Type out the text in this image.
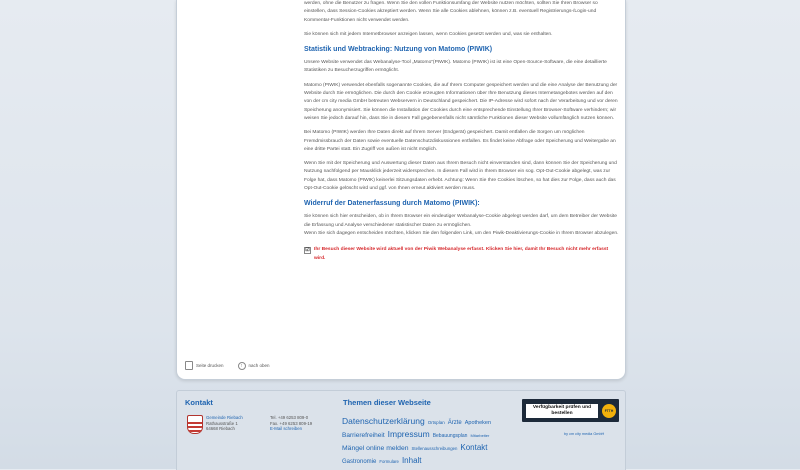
werden, ohne die Benutzer zu fragen. Wenn Sie den vollen Funktionsumfang der Website nutzen möchten, sollten Sie Ihren Browser so einstellen, dass Session-Cookies akzeptiert werden. Wenn Sie alle Cookies ablehnen, können z.B. eventuell Registrierungs-/Login-und Kommentar-Funktionen nicht verwendet werden.

Sie können sich mit jedem Internetbrowser anzeigen lassen, wenn Cookies gesetzt werden und, was sie enthalten.

Statistik und Webtracking: Nutzung von Matomo (PIWIK)

Unsere Website verwendet das Webanalyse-Tool „Matomo“(PIWIK). Matomo (PIWIK) ist ist eine Open-Source-Software, die eine detaillierte Statistiken zu Besucherzugriffen ermöglicht.

Matomo (PIWIK) verwendet ebenfalls sogenannte Cookies, die auf Ihrem Computer gespeichert werden und die eine Analyse der Benutzung der Website durch Sie ermöglichen. Die durch den Cookie erzeugten Informationen über Ihre Benutzung dieses Internetangebotes werden auf den von der cm city media GmbH betreuten Webservern in Deutschland gespeichert. Die IP-Adresse wird sofort nach der Verarbeitung und vor deren Speicherung anonymisiert. Sie können die Installation der Cookies durch eine entsprechende Einstellung Ihrer Browser-Software verhindern; wir weisen Sie jedoch darauf hin, dass Sie in diesem Fall gegebenenfalls nicht sämtliche Funktionen dieser Website vollumfänglich nutzen können.

Bei Matomo (PIWIK) werden Ihre Daten direkt auf Ihrem Server (Endgerät) gespeichert. Damit entfallen die Sorgen um möglichen Fremdmissbrauch der Daten sowie eventuelle Datenschutzdiskussionen entfallen. Es findet keine Abfrage oder Speicherung und Weitergabe an eine dritte Partei statt. Ein Zugriff von außen ist nicht möglich.

Wenn Sie mit der Speicherung und Auswertung dieser Daten aus Ihrem Besuch nicht einverstanden sind, dann können Sie der Speicherung und Nutzung nachfolgend per Mausklick jederzeit widersprechen. In diesem Fall wird in Ihrem Browser ein sog. Opt-Out-Cookie abgelegt, was zur Folge hat, dass Matomo (PIWIK) keinerlei Sitzungsdaten erhebt. Achtung: Wenn Sie Ihre Cookies löschen, so hat dies zur Folge, dass auch das Opt-Out-Cookie gelöscht wird und ggf. von Ihnen erneut aktiviert werden muss.

Widerruf der Datenerfassung durch Matomo (PIWIK):

Sie können sich hier entscheiden, ob in Ihrem Browser ein eindeutiger Webanalyse-Cookie abgelegt werden darf, um dem Betreiber der Website die Erfassung und Analyse verschiedener statistischer Daten zu ermöglichen.

Wenn Sie sich dagegen entscheiden möchten, klicken Sie den folgenden Link, um den Piwik-Deaktivierungs-Cookie in Ihrem Browser abzulegen.

☑ Ihr Besuch dieser Website wird aktuell von der Piwik Webanalyse erfasst. Klicken Sie hier, damit Ihr Besuch nicht mehr erfasst wird.
Seite drucken	↑	nach oben
Kontakt
Gemeinde Riebach
Rathausstraße 1
64668 Riebach
Tel. +49 6253 809-0
Fax. +49 6253 809-19
E-Mail schreiben
Themen dieser Webseite
Datenschutzerklärung Ortsplan Ärzte ApothekenBarrierefreiheit Impressum Bebauungsplan MitarbeiterMängel online melden Stellenausschreibungen KontaktGastronomie Formulare Inhalt
Verfügbarkeit prüfen und bestellen	FTTH
by cm city media GmbH
